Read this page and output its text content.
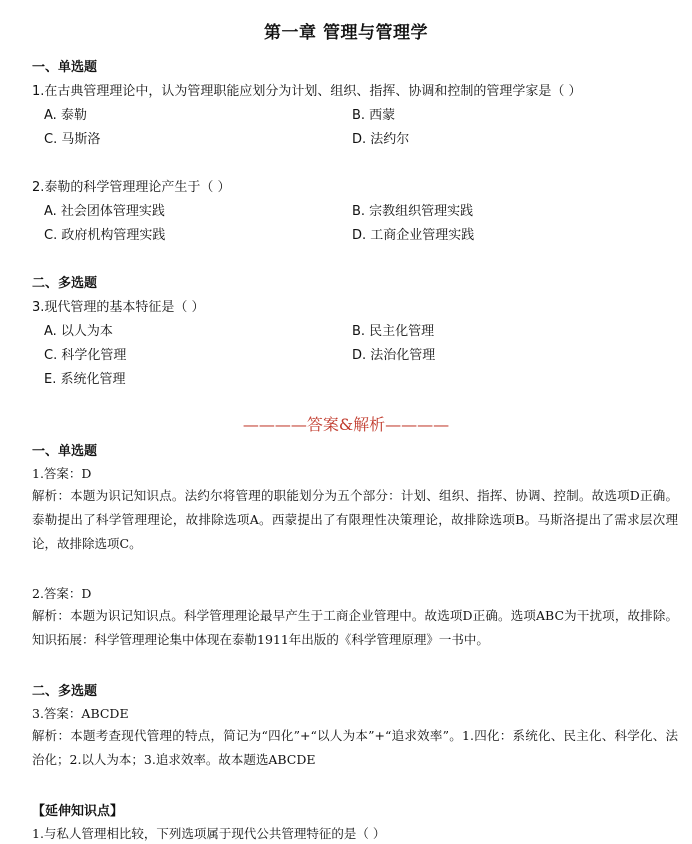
第一章 管理与管理学
一、单选题
1.在古典管理理论中，认为管理职能应划分为计划、组织、指挥、协调和控制的管理学家是（ ）
A. 泰勒	B. 西蒙
C. 马斯洛	D. 法约尔
2.泰勒的科学管理理论产生于（ ）
A. 社会团体管理实践	B. 宗教组织管理实践
C. 政府机构管理实践	D. 工商企业管理实践
二、多选题
3.现代管理的基本特征是（ ）
A. 以人为本	B. 民主化管理
C. 科学化管理	D. 法治化管理
E. 系统化管理
————答案&解析————
一、单选题
1.答案：D
解析：本题为识记知识点。法约尔将管理的职能划分为五个部分：计划、组织、指挥、协调、控制。故选项D正确。泰勒提出了科学管理理论，故排除选项A。西蒙提出了有限理性决策理论，故排除选项B。马斯洛提出了需求层次理论，故排除选项C。
2.答案：D
解析：本题为识记知识点。科学管理理论最早产生于工商企业管理中。故选项D正确。选项ABC为干扰项，故排除。知识拓展：科学管理理论集中体现在泰勒1911年出版的《科学管理原理》一书中。
二、多选题
3.答案：ABCDE
解析：本题考查现代管理的特点，简记为“四化”+“以人为本”+“追求效率”。1.四化：系统化、民主化、科学化、法治化；2.以人为本；3.追求效率。故本题选ABCDE
【延伸知识点】
1.与私人管理相比较，下列选项属于现代公共管理特征的是（ ）
